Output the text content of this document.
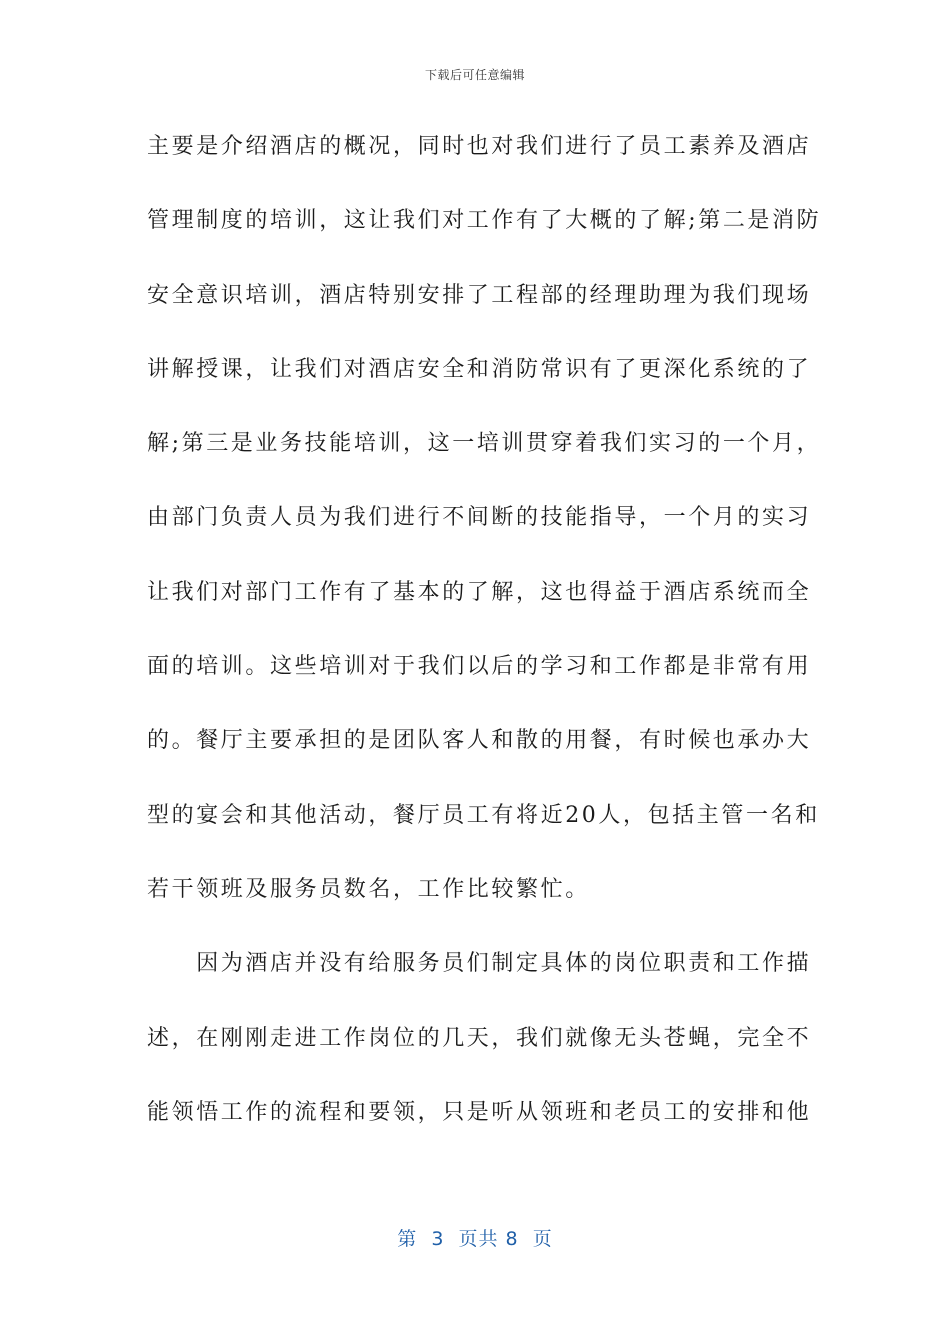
下载后可任意编辑
主要是介绍酒店的概况，同时也对我们进行了员工素养及酒店
管理制度的培训，这让我们对工作有了大概的了解;第二是消防
安全意识培训，酒店特别安排了工程部的经理助理为我们现场
讲解授课，让我们对酒店安全和消防常识有了更深化系统的了
解;第三是业务技能培训，这一培训贯穿着我们实习的一个月，
由部门负责人员为我们进行不间断的技能指导，一个月的实习
让我们对部门工作有了基本的了解，这也得益于酒店系统而全
面的培训。这些培训对于我们以后的学习和工作都是非常有用
的。餐厅主要承担的是团队客人和散的用餐，有时候也承办大
型的宴会和其他活动，餐厅员工有将近20人，包括主管一名和
若干领班及服务员数名，工作比较繁忙。
　　因为酒店并没有给服务员们制定具体的岗位职责和工作描
述，在刚刚走进工作岗位的几天，我们就像无头苍蝇，完全不
能领悟工作的流程和要领，只是听从领班和老员工的安排和他
第  3  页共 8  页
